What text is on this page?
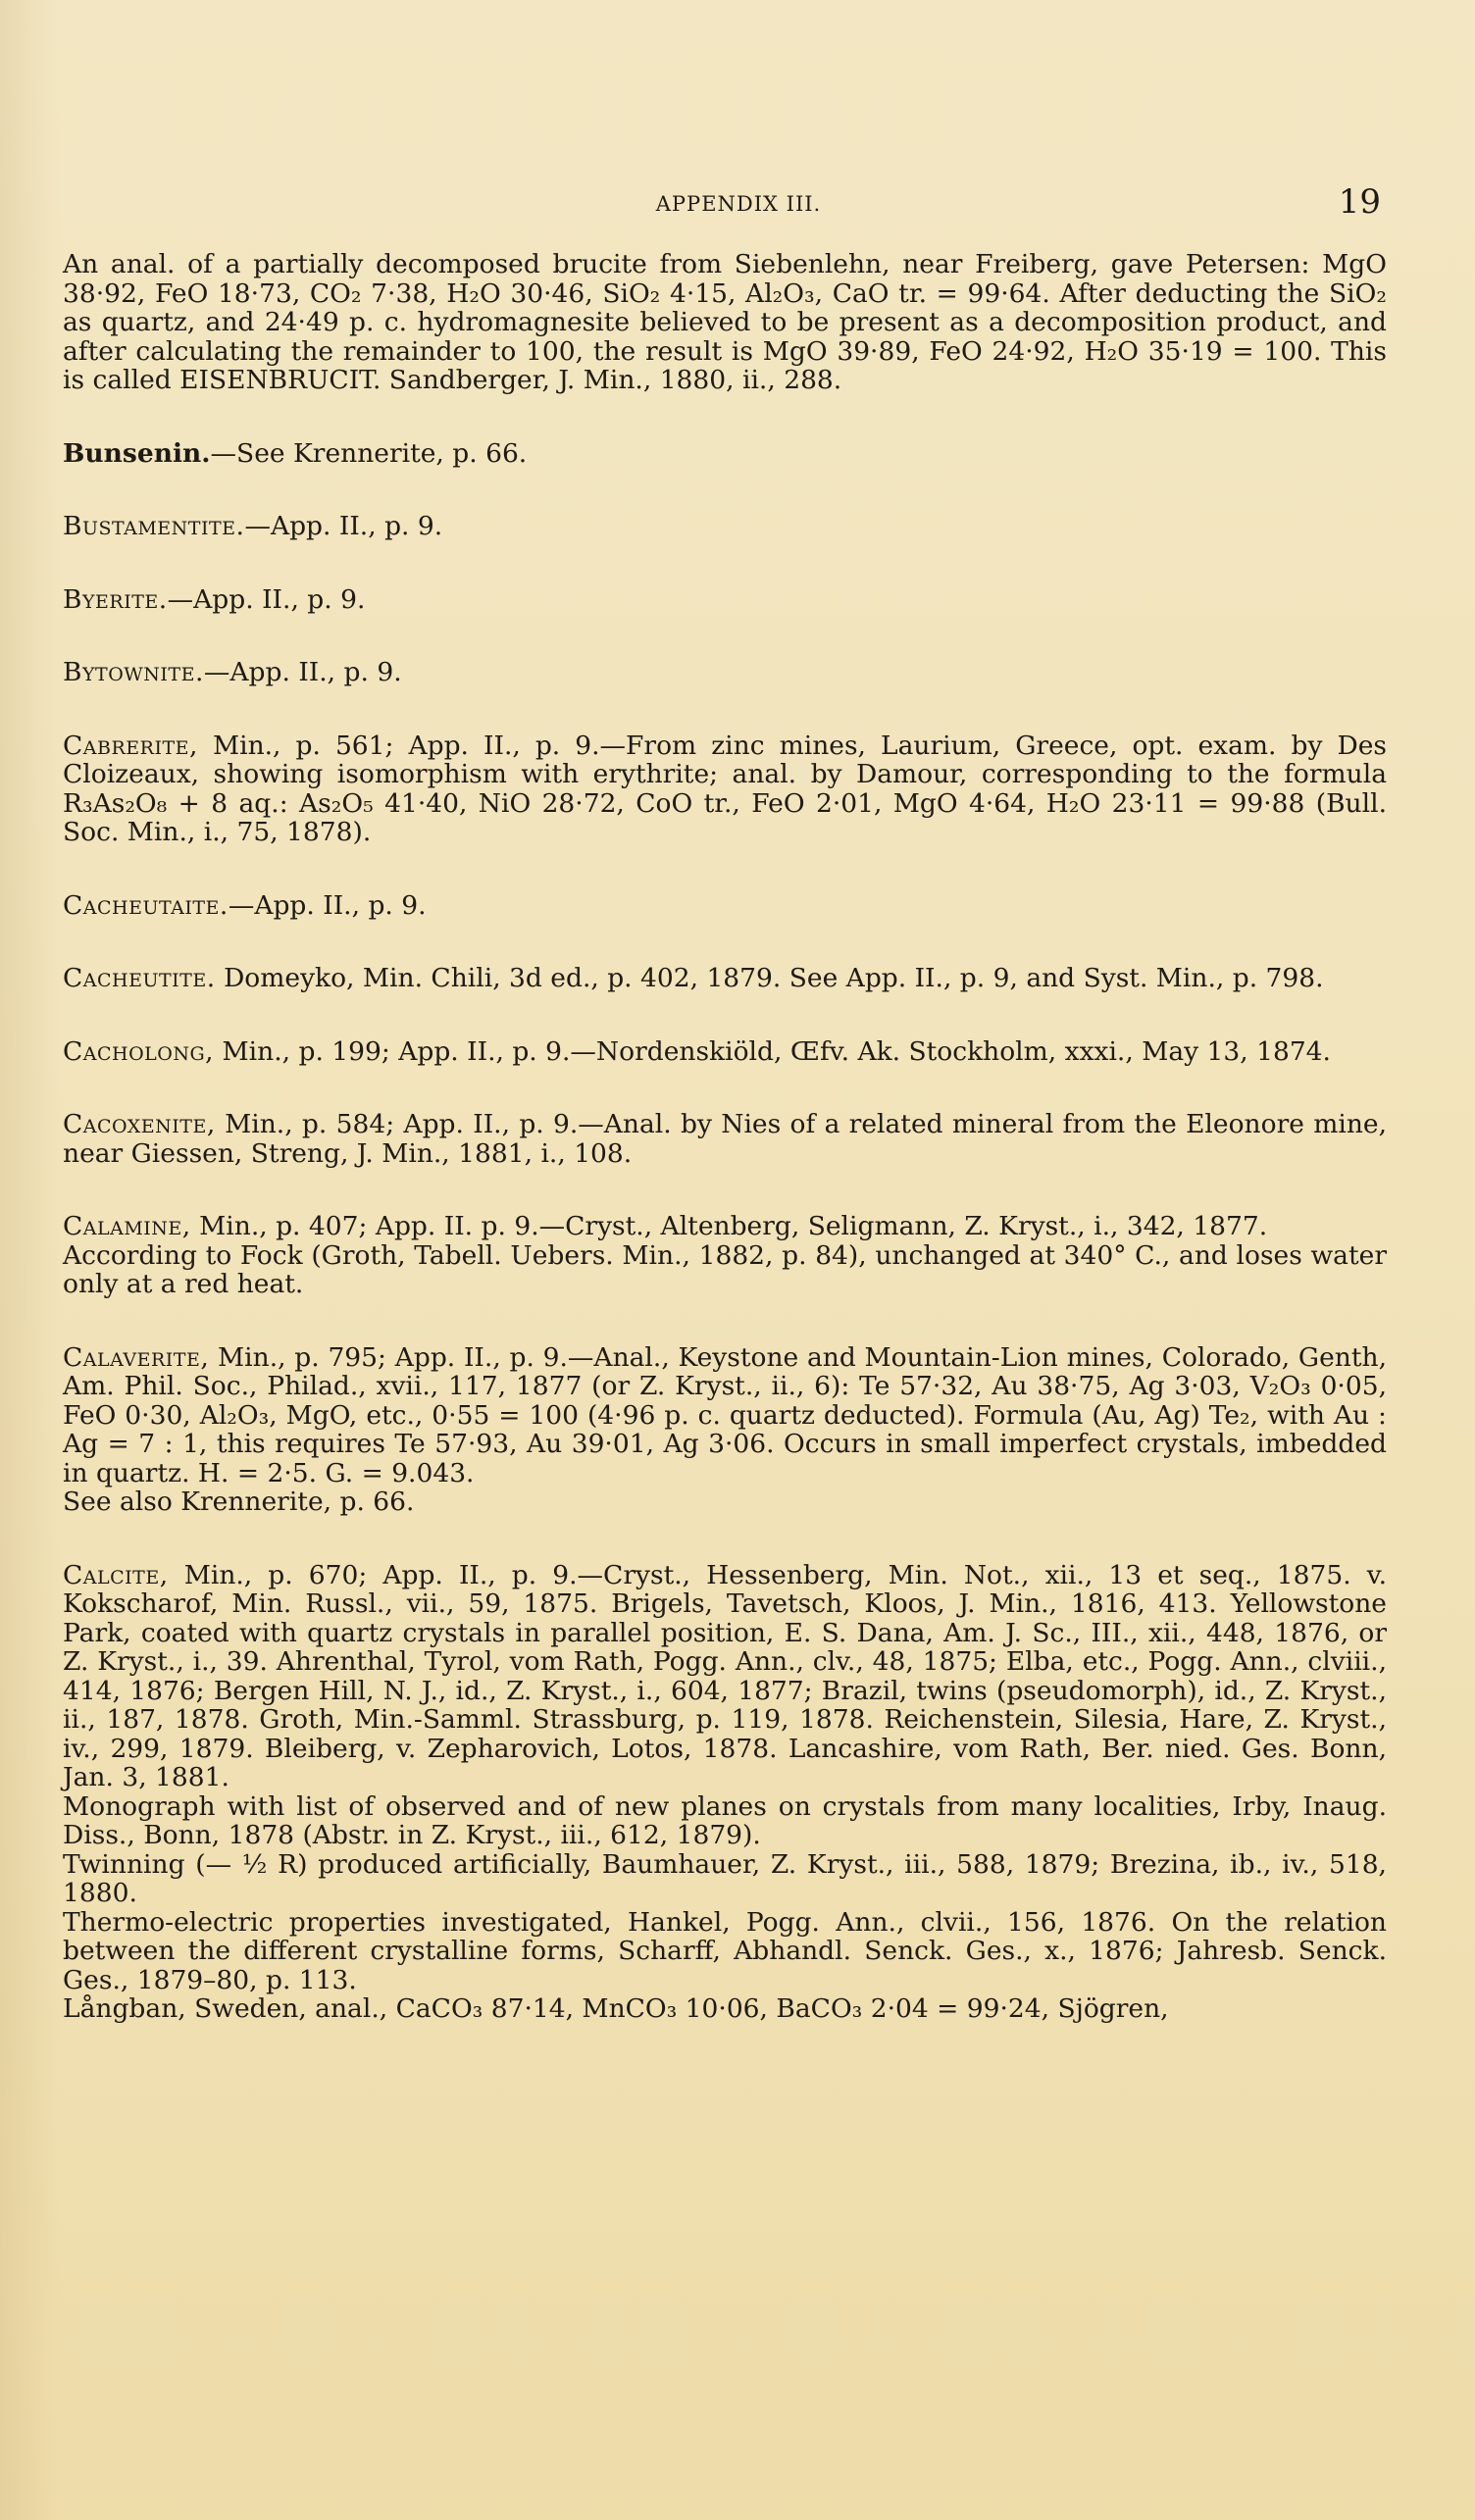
APPENDIX III.	19

An anal. of a partially decomposed brucite from Siebenlehn, near Freiberg, gave Petersen: MgO 38·92, FeO 18·73, CO₂ 7·38, H₂O 30·46, SiO₂ 4·15, Al₂O₃, CaO tr. = 99·64. After deducting the SiO₂ as quartz, and 24·49 p. c. hydromagnesite believed to be present as a decomposition product, and after calculating the remainder to 100, the result is MgO 39·89, FeO 24·92, H₂O 35·19 = 100. This is called EISENBRUCIT. Sandberger, J. Min., 1880, ii., 288.

Bunsenin.—See Krennerite, p. 66.

Bustamentite.—App. II., p. 9.

Byerite.—App. II., p. 9.

Bytownite.—App. II., p. 9.

Cabrerite, Min., p. 561; App. II., p. 9.—From zinc mines, Laurium, Greece, opt. exam. by Des Cloizeaux, showing isomorphism with erythrite; anal. by Damour, corresponding to the formula R₃As₂O₈ + 8 aq.: As₂O₅ 41·40, NiO 28·72, CoO tr., FeO 2·01, MgO 4·64, H₂O 23·11 = 99·88 (Bull. Soc. Min., i., 75, 1878).

Cacheutaite.—App. II., p. 9.

Cacheutite. Domeyko, Min. Chili, 3d ed., p. 402, 1879. See App. II., p. 9, and Syst. Min., p. 798.

Cacholong, Min., p. 199; App. II., p. 9.—Nordenskiöld, Œfv. Ak. Stockholm, xxxi., May 13, 1874.

Cacoxenite, Min., p. 584; App. II., p. 9.—Anal. by Nies of a related mineral from the Eleonore mine, near Giessen, Streng, J. Min., 1881, i., 108.

Calamine, Min., p. 407; App. II. p. 9.—Cryst., Altenberg, Seligmann, Z. Kryst., i., 342, 1877.

According to Fock (Groth, Tabell. Uebers. Min., 1882, p. 84), unchanged at 340° C., and loses water only at a red heat.

Calaverite, Min., p. 795; App. II., p. 9.—Anal., Keystone and Mountain-Lion mines, Colorado, Genth, Am. Phil. Soc., Philad., xvii., 117, 1877 (or Z. Kryst., ii., 6): Te 57·32, Au 38·75, Ag 3·03, V₂O₃ 0·05, FeO 0·30, Al₂O₃, MgO, etc., 0·55 = 100 (4·96 p. c. quartz deducted). Formula (Au, Ag) Te₂, with Au : Ag = 7 : 1, this requires Te 57·93, Au 39·01, Ag 3·06. Occurs in small imperfect crystals, imbedded in quartz. H. = 2·5. G. = 9.043.

See also Krennerite, p. 66.

Calcite, Min., p. 670; App. II., p. 9.—Cryst., Hessenberg, Min. Not., xii., 13 et seq., 1875. v. Kokscharof, Min. Russl., vii., 59, 1875. Brigels, Tavetsch, Kloos, J. Min., 1816, 413. Yellowstone Park, coated with quartz crystals in parallel position, E. S. Dana, Am. J. Sc., III., xii., 448, 1876, or Z. Kryst., i., 39. Ahrenthal, Tyrol, vom Rath, Pogg. Ann., clv., 48, 1875; Elba, etc., Pogg. Ann., clviii., 414, 1876; Bergen Hill, N. J., id., Z. Kryst., i., 604, 1877; Brazil, twins (pseudomorph), id., Z. Kryst., ii., 187, 1878. Groth, Min.-Samml. Strassburg, p. 119, 1878. Reichenstein, Silesia, Hare, Z. Kryst., iv., 299, 1879. Bleiberg, v. Zepharovich, Lotos, 1878. Lancashire, vom Rath, Ber. nied. Ges. Bonn, Jan. 3, 1881.

Monograph with list of observed and of new planes on crystals from many localities, Irby, Inaug. Diss., Bonn, 1878 (Abstr. in Z. Kryst., iii., 612, 1879).

Twinning (— ½ R) produced artificially, Baumhauer, Z. Kryst., iii., 588, 1879; Brezina, ib., iv., 518, 1880.

Thermo-electric properties investigated, Hankel, Pogg. Ann., clvii., 156, 1876. On the relation between the different crystalline forms, Scharff, Abhandl. Senck. Ges., x., 1876; Jahresb. Senck. Ges., 1879–80, p. 113.

Långban, Sweden, anal., CaCO₃ 87·14, MnCO₃ 10·06, BaCO₃ 2·04 = 99·24, Sjögren,
